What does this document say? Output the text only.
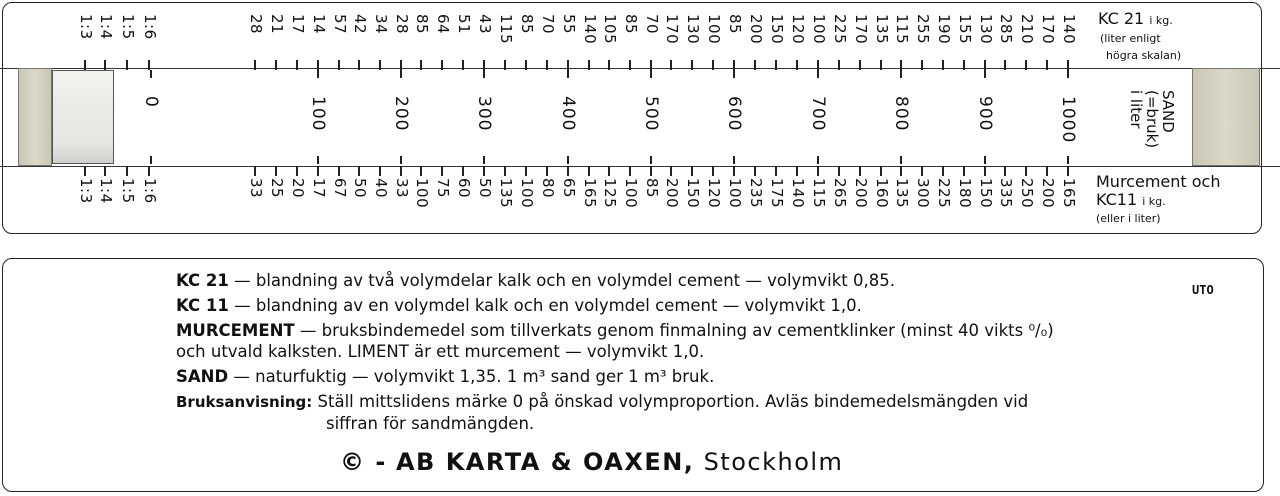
1:3 1:4 1:5 1:6	28 21 17 14 57 42 34 28 85 64 51 43 115 85 70 55 140 105 85 70 170 130 100 85 200 150 120 100 225 170 135 115 255 190 155 130 285 210 170 140
0	100	200	300	400	500	600	700	800	900	1000
1:3 1:4 1:5 1:6	33 25 20 17 67 50 40 33 100 75 60 50 135 100 80 65 165 125 100 85 200 150 120 100 235 175 140 115 265 200 160 135 300 225 180 150 335 250 200 165
KC 21 i kg.
(liter enligt
högra skalan)
SAND
(=bruk)
i liter
Murcement och
KC11 i kg.
(eller i liter)
UTO

KC 21 — blandning av två volymdelar kalk och en volymdel cement — volymvikt 0,85.

KC 11 — blandning av en volymdel kalk och en volymdel cement — volymvikt 1,0.

MURCEMENT — bruksbindemedel som tillverkats genom finmalning av cementklinker (minst 40 vikts ⁰/₀) och utvald kalksten. LIMENT är ett murcement — volymvikt 1,0.

SAND — naturfuktig — volymvikt 1,35. 1 m³ sand ger 1 m³ bruk.

Bruksanvisning: Ställ mittslidens märke 0 på önskad volymproportion. Avläs bindemedelsmängden vid siffran för sandmängden.

© - AB KARTA & OAXEN, Stockholm
